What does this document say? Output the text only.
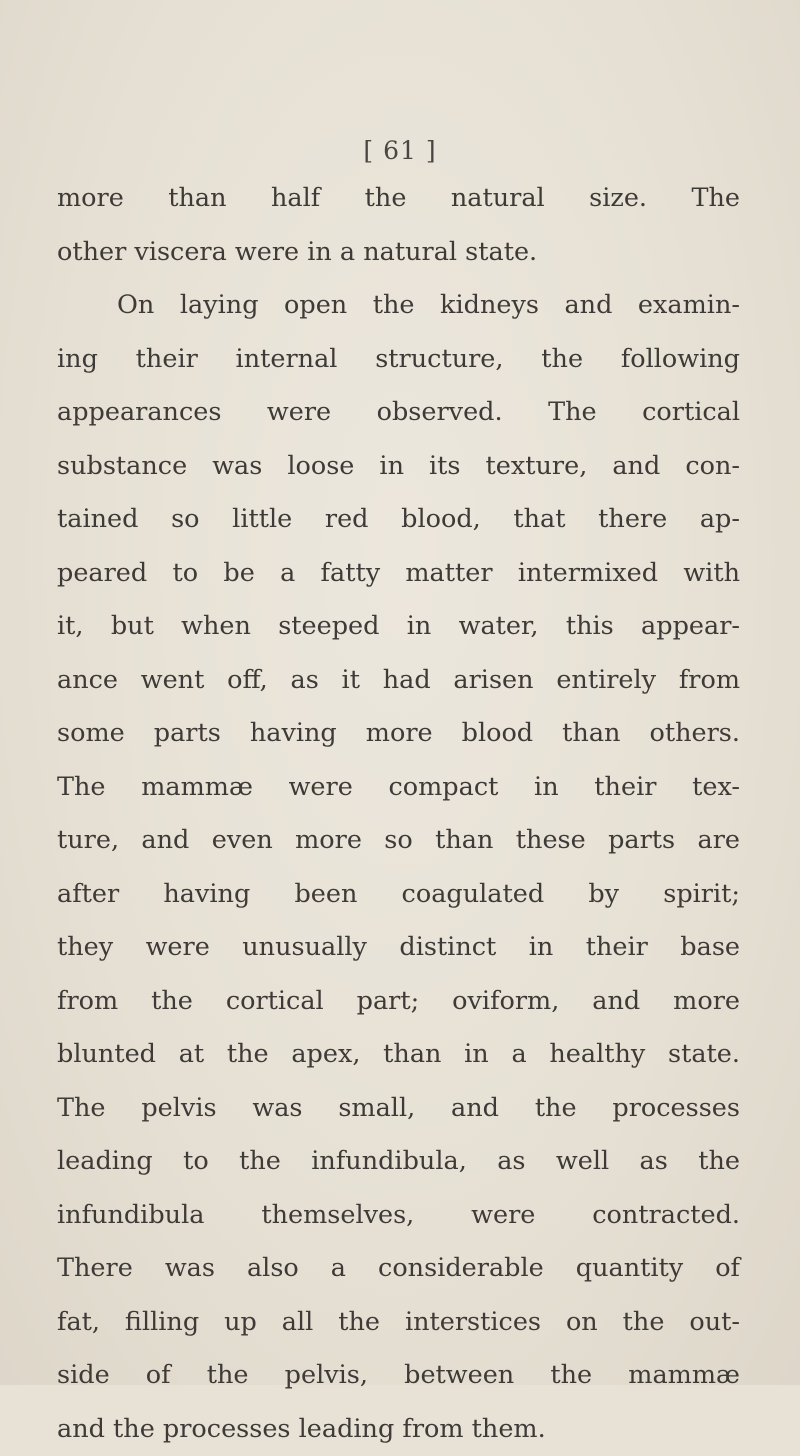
[ 61 ]
more than half the natural size. The
other viscera were in a natural state.
On laying open the kidneys and examin-
ing their internal structure, the following
appearances were observed. The cortical
substance was loose in its texture, and con-
tained so little red blood, that there ap-
peared to be a fatty matter intermixed with
it, but when steeped in water, this appear-
ance went off, as it had arisen entirely from
some parts having more blood than others.
The mammæ were compact in their tex-
ture, and even more so than these parts are
after having been coagulated by spirit;
they were unusually distinct in their base
from the cortical part; oviform, and more
blunted at the apex, than in a healthy state.
The pelvis was small, and the processes
leading to the infundibula, as well as the
infundibula themselves, were contracted.
There was also a considerable quantity of
fat, filling up all the interstices on the out-
side of the pelvis, between the mammæ
and the processes leading from them.
